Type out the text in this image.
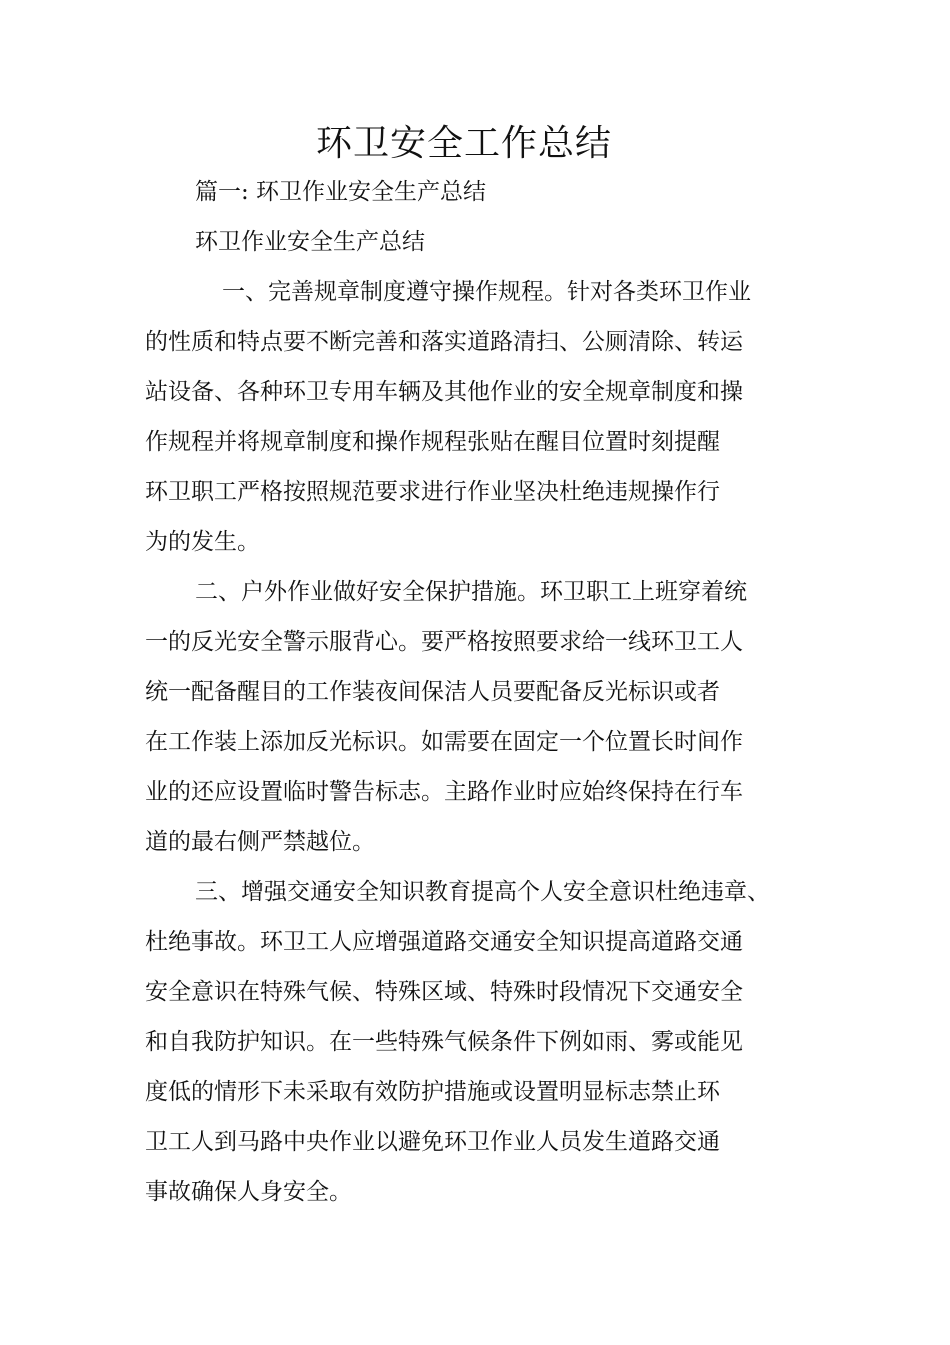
环卫安全工作总结
篇一: 环卫作业安全生产总结
环卫作业安全生产总结
一、完善规章制度遵守操作规程。针对各类环卫作业
的性质和特点要不断完善和落实道路清扫、公厕清除、转运
站设备、各种环卫专用车辆及其他作业的安全规章制度和操
作规程并将规章制度和操作规程张贴在醒目位置时刻提醒
环卫职工严格按照规范要求进行作业坚决杜绝违规操作行
为的发生。
二、户外作业做好安全保护措施。环卫职工上班穿着统
一的反光安全警示服背心。要严格按照要求给一线环卫工人
统一配备醒目的工作装夜间保洁人员要配备反光标识或者
在工作装上添加反光标识。如需要在固定一个位置长时间作
业的还应设置临时警告标志。主路作业时应始终保持在行车
道的最右侧严禁越位。
三、增强交通安全知识教育提高个人安全意识杜绝违章、
杜绝事故。环卫工人应增强道路交通安全知识提高道路交通
安全意识在特殊气候、特殊区域、特殊时段情况下交通安全
和自我防护知识。在一些特殊气候条件下例如雨、雾或能见
度低的情形下未采取有效防护措施或设置明显标志禁止环
卫工人到马路中央作业以避免环卫作业人员发生道路交通
事故确保人身安全。
